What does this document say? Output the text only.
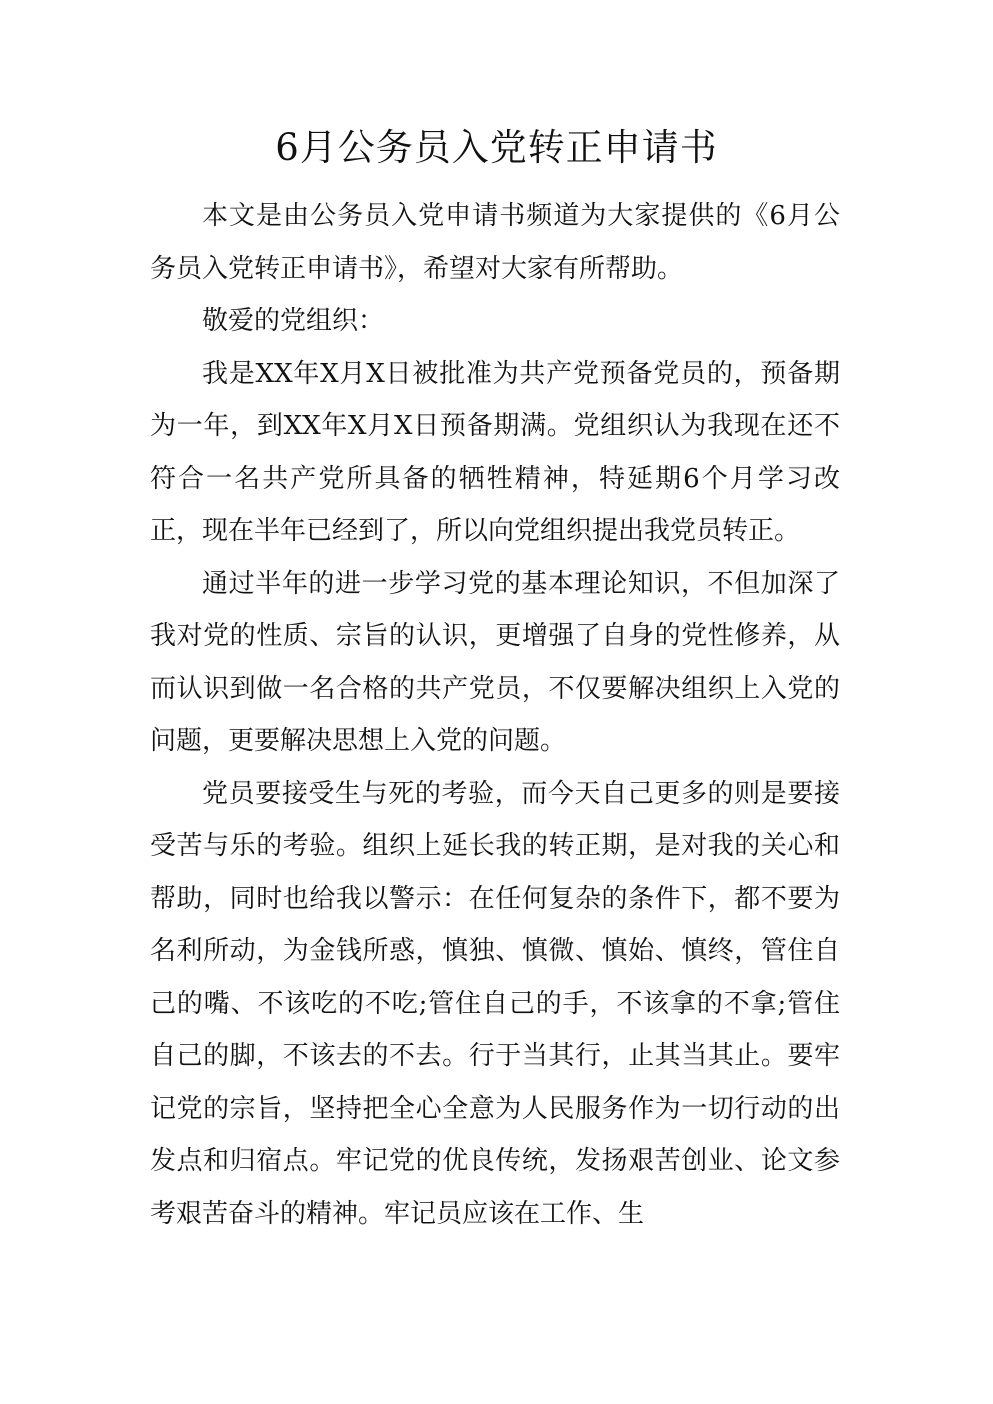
6月公务员入党转正申请书

本文是由公务员入党申请书频道为大家提供的《6月公务员入党转正申请书》，希望对大家有所帮助。

敬爱的党组织：

我是XX年X月X日被批准为共产党预备党员的，预备期为一年，到XX年X月X日预备期满。党组织认为我现在还不符合一名共产党所具备的牺牲精神，特延期6个月学习改正，现在半年已经到了，所以向党组织提出我党员转正。

通过半年的进一步学习党的基本理论知识，不但加深了我对党的性质、宗旨的认识，更增强了自身的党性修养，从而认识到做一名合格的共产党员，不仅要解决组织上入党的问题，更要解决思想上入党的问题。

党员要接受生与死的考验，而今天自己更多的则是要接受苦与乐的考验。组织上延长我的转正期，是对我的关心和帮助，同时也给我以警示：在任何复杂的条件下，都不要为名利所动，为金钱所惑，慎独、慎微、慎始、慎终，管住自己的嘴、不该吃的不吃;管住自己的手，不该拿的不拿;管住自己的脚，不该去的不去。行于当其行，止其当其止。要牢记党的宗旨，坚持把全心全意为人民服务作为一切行动的出发点和归宿点。牢记党的优良传统，发扬艰苦创业、论文参考艰苦奋斗的精神。牢记员应该在工作、生
